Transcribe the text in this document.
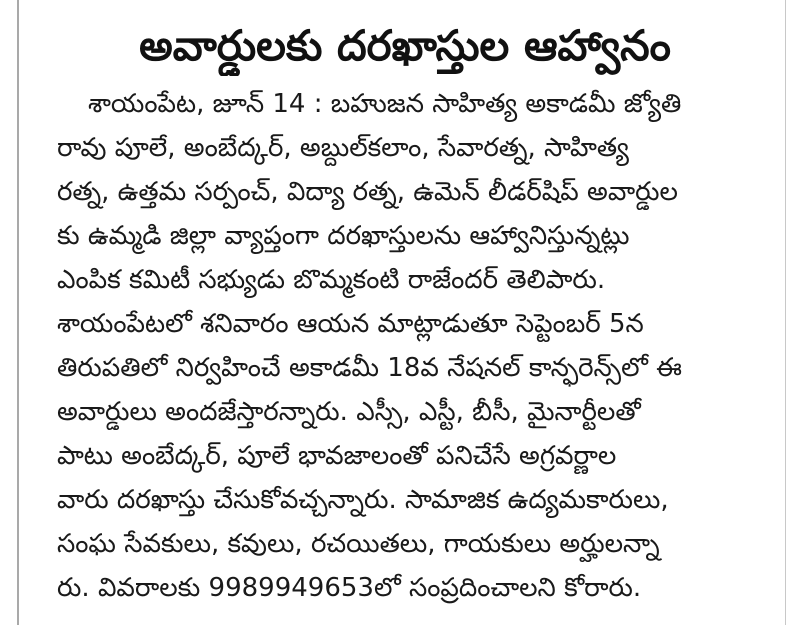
అవార్డులకు దరఖాస్తుల ఆహ్వానం
శాయంపేట, జూన్ 14 : బహుజన సాహిత్య అకాడమీ జ్యోతి
రావు పూలే, అంబేద్కర్, అబ్దుల్‌కలాం, సేవారత్న, సాహిత్య
రత్న, ఉత్తమ సర్పంచ్, విద్యా రత్న, ఉమెన్ లీడర్‌షిప్ అవార్డుల
కు ఉమ్మడి జిల్లా వ్యాప్తంగా దరఖాస్తులను ఆహ్వానిస్తున్నట్లు
ఎంపిక కమిటీ సభ్యుడు బొమ్మకంటి రాజేందర్ తెలిపారు.
శాయంపేటలో శనివారం ఆయన మాట్లాడుతూ సెప్టెంబర్ 5న
తిరుపతిలో నిర్వహించే అకాడమీ 18వ నేషనల్ కాన్ఫరెన్స్‌లో ఈ
అవార్డులు అందజేస్తారన్నారు. ఎస్సీ, ఎస్టీ, బీసీ, మైనార్టీలతో
పాటు అంబేద్కర్, పూలే భావజాలంతో పనిచేసే అగ్రవర్ణాల
వారు దరఖాస్తు చేసుకోవచ్చన్నారు. సామాజిక ఉద్యమకారులు,
సంఘ సేవకులు, కవులు, రచయితలు, గాయకులు అర్హులన్నా
రు. వివరాలకు 9989949653లో సంప్రదించాలని కోరారు.
